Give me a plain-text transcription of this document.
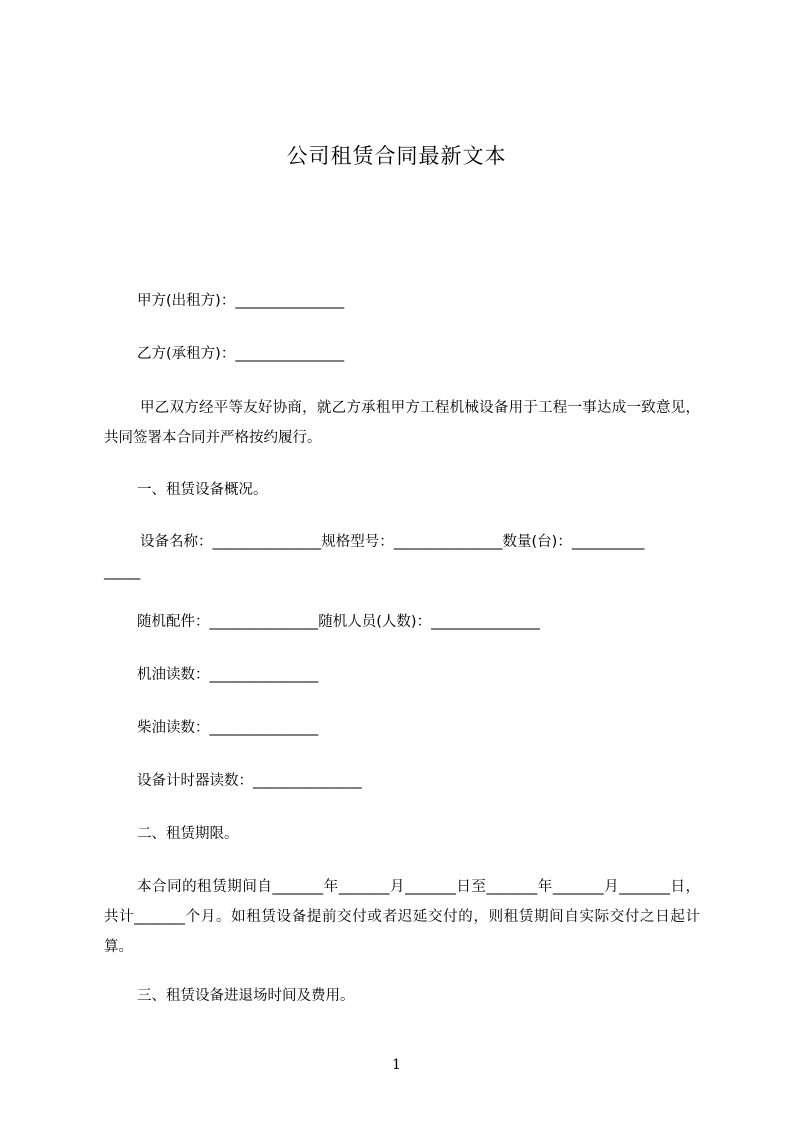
公司租赁合同最新文本
甲方(出租方)：_______________
乙方(承租方)：_______________
甲乙双方经平等友好协商，就乙方承租甲方工程机械设备用于工程一事达成一致意见，共同签署本合同并严格按约履行。
一、租赁设备概况。
设备名称：_______________规格型号：_______________数量(台)：__________
_____
随机配件：_______________随机人员(人数)：_______________
机油读数：_______________
柴油读数：_______________
设备计时器读数：_______________
二、租赁期限。
本合同的租赁期间自_______年_______月_______日至_______年_______月_______日，共计_______个月。如租赁设备提前交付或者迟延交付的，则租赁期间自实际交付之日起计算。
三、租赁设备进退场时间及费用。
1
